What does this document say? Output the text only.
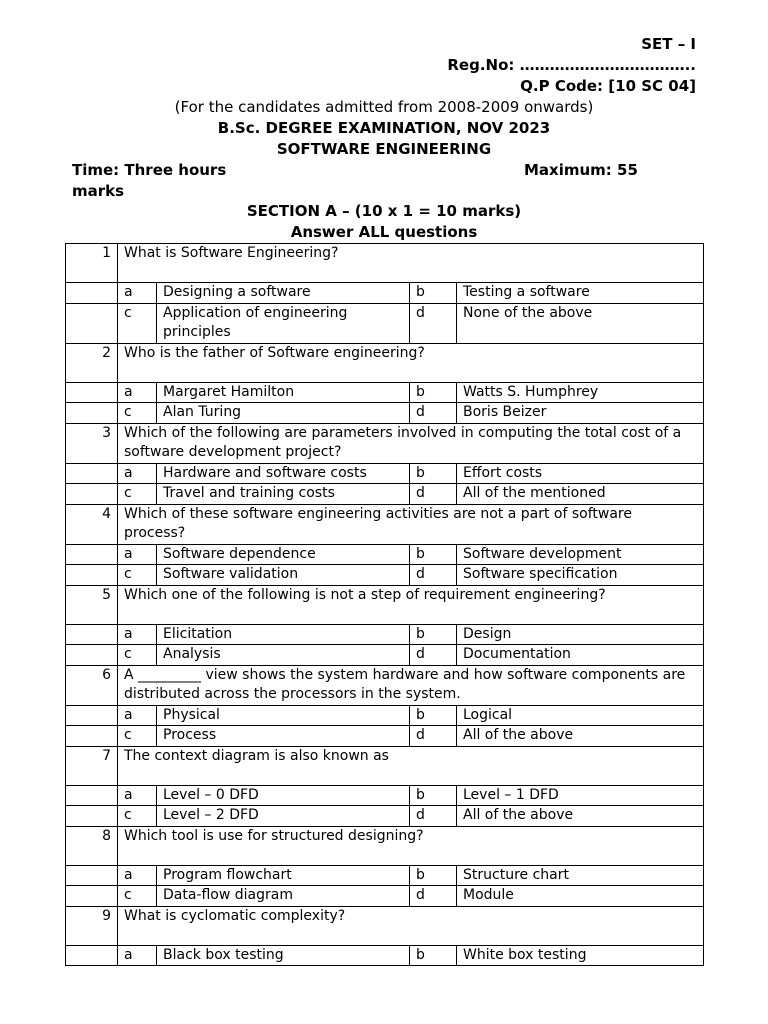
SET – I
Reg.No: ……………………………..
Q.P Code: [10 SC 04]
(For the candidates admitted from 2008-2009 onwards)
B.Sc. DEGREE EXAMINATION, NOV 2023
SOFTWARE ENGINEERING
Time: Three hours	Maximum: 55
marks
SECTION A – (10 x 1 = 10 marks)
Answer ALL questions
1	What is Software Engineering?			
	a	Designing a software	b	Testing a software
	c	Application of engineering principles	d	None of the above
2	Who is the father of Software engineering?			
	a	Margaret Hamilton	b	Watts S. Humphrey
	c	Alan Turing	d	Boris Beizer
3	Which of the following are parameters involved in computing the total cost of a software development project?			
	a	Hardware and software costs	b	Effort costs
	c	Travel and training costs	d	All of the mentioned
4	Which of these software engineering activities are not a part of software process?			
	a	Software dependence	b	Software development
	c	Software validation	d	Software specification
5	Which one of the following is not a step of requirement engineering?			
	a	Elicitation	b	Design
	c	Analysis	d	Documentation
6	A _________ view shows the system hardware and how software components are distributed across the processors in the system.			
	a	Physical	b	Logical
	c	Process	d	All of the above
7	The context diagram is also known as			
	a	Level – 0 DFD	b	Level – 1 DFD
	c	Level – 2 DFD	d	All of the above
8	Which tool is use for structured designing?			
	a	Program flowchart	b	Structure chart
	c	Data-flow diagram	d	Module
9	What is cyclomatic complexity?			
	a	Black box testing	b	White box testing
